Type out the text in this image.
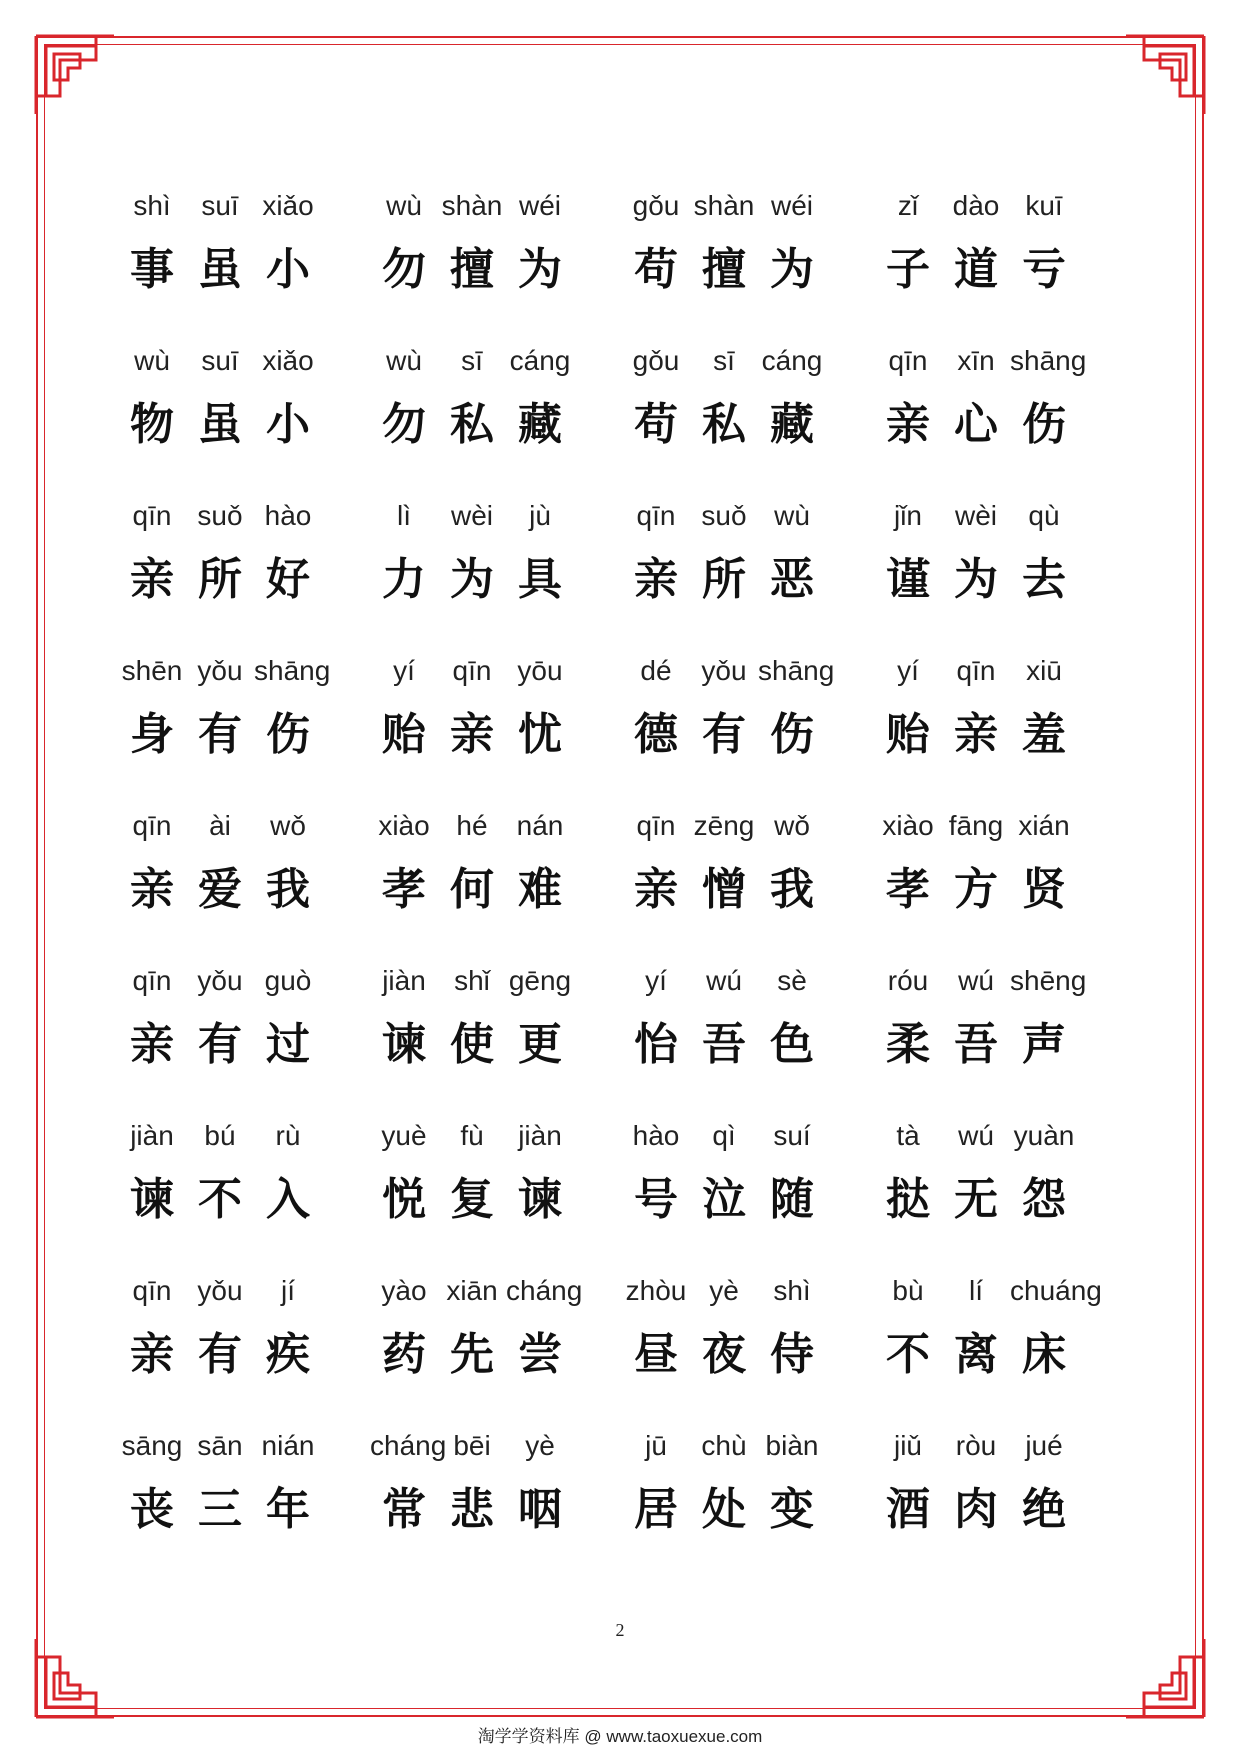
shì	suī xiǎo
事 虽 小
wù shàn wéi
勿 擅 为
gǒu shàn wéi
苟 擅 为
zǐ	dào kuī
子 道 亏
wù	suī xiǎo
物 虽 小
wù	sī cáng
勿 私 藏
gǒu	sī cáng
苟 私 藏
qīn	xīn shāng
亲 心 伤
qīn suǒ hào
亲 所 好
lì	wèi	jù
力 为 具
qīn suǒ wù
亲 所 恶
jǐn	wèi	qù
谨 为 去
shēn yǒu shāng
身 有 伤
yí	qīn yōu
贻 亲 忧
dé	yǒu shāng
德 有 伤
yí	qīn	xiū
贻 亲 羞
qīn	ài	wǒ
亲 爱 我
xiào hé	nán
孝 何 难
qīn zēng wǒ
亲 憎 我
xiào fāng xián
孝 方 贤
qīn yǒu guò
亲 有 过
jiàn	shǐ gēng
谏 使 更
yí	wú	sè
怡 吾 色
róu	wú shēng
柔 吾 声
jiàn	bú	rù
谏 不 入
yuè	fù	jiàn
悦 复 谏
hào	qì	suí
号 泣 随
tà	wú yuàn
挞 无 怨
qīn yǒu	jí
亲 有 疾
yào xiān cháng
药 先 尝
zhòu yè	shì
昼 夜 侍
bù	lí chuáng
不 离 床
sāng sān nián
丧 三 年
cháng bēi	yè
常 悲 咽
jū	chù biàn
居 处 变
jiǔ	ròu	jué
酒 肉 绝
2
淘学学资料库 @ www.taoxuexue.com
